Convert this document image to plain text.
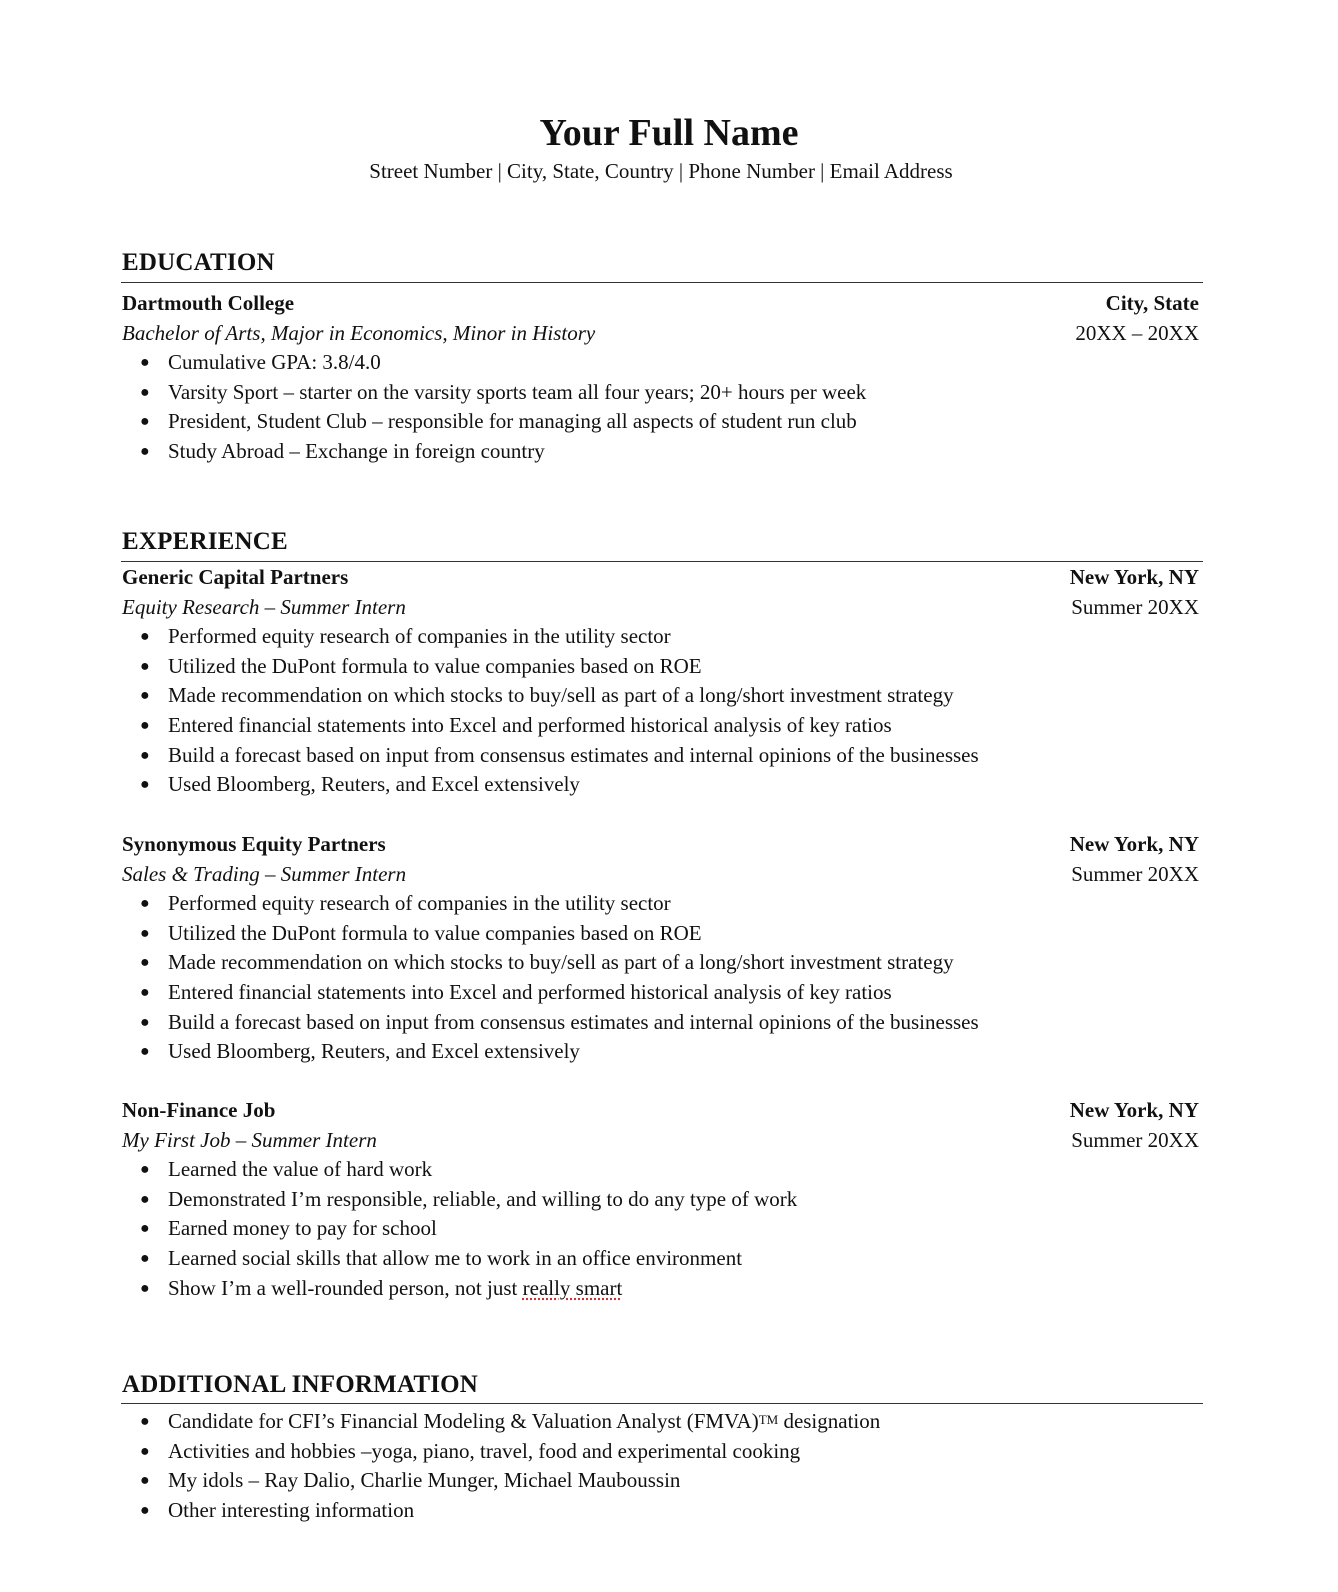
Your Full Name
Street Number | City, State, Country | Phone Number | Email Address
EDUCATION
Dartmouth College	City, State
Bachelor of Arts, Major in Economics, Minor in History	20XX – 20XX
● Cumulative GPA: 3.8/4.0
● Varsity Sport – starter on the varsity sports team all four years; 20+ hours per week
● President, Student Club – responsible for managing all aspects of student run club
● Study Abroad – Exchange in foreign country
EXPERIENCE
Generic Capital Partners	New York, NY
Equity Research – Summer Intern	Summer 20XX
● Performed equity research of companies in the utility sector
● Utilized the DuPont formula to value companies based on ROE
● Made recommendation on which stocks to buy/sell as part of a long/short investment strategy
● Entered financial statements into Excel and performed historical analysis of key ratios
● Build a forecast based on input from consensus estimates and internal opinions of the businesses
● Used Bloomberg, Reuters, and Excel extensively
Synonymous Equity Partners	New York, NY
Sales & Trading – Summer Intern	Summer 20XX
● Performed equity research of companies in the utility sector
● Utilized the DuPont formula to value companies based on ROE
● Made recommendation on which stocks to buy/sell as part of a long/short investment strategy
● Entered financial statements into Excel and performed historical analysis of key ratios
● Build a forecast based on input from consensus estimates and internal opinions of the businesses
● Used Bloomberg, Reuters, and Excel extensively
Non-Finance Job	New York, NY
My First Job – Summer Intern	Summer 20XX
● Learned the value of hard work
● Demonstrated I’m responsible, reliable, and willing to do any type of work
● Earned money to pay for school
● Learned social skills that allow me to work in an office environment
● Show I’m a well-rounded person, not just really smart
ADDITIONAL INFORMATION
● Candidate for CFI’s Financial Modeling & Valuation Analyst (FMVA)™ designation
● Activities and hobbies –yoga, piano, travel, food and experimental cooking
● My idols – Ray Dalio, Charlie Munger, Michael Mauboussin
● Other interesting information
